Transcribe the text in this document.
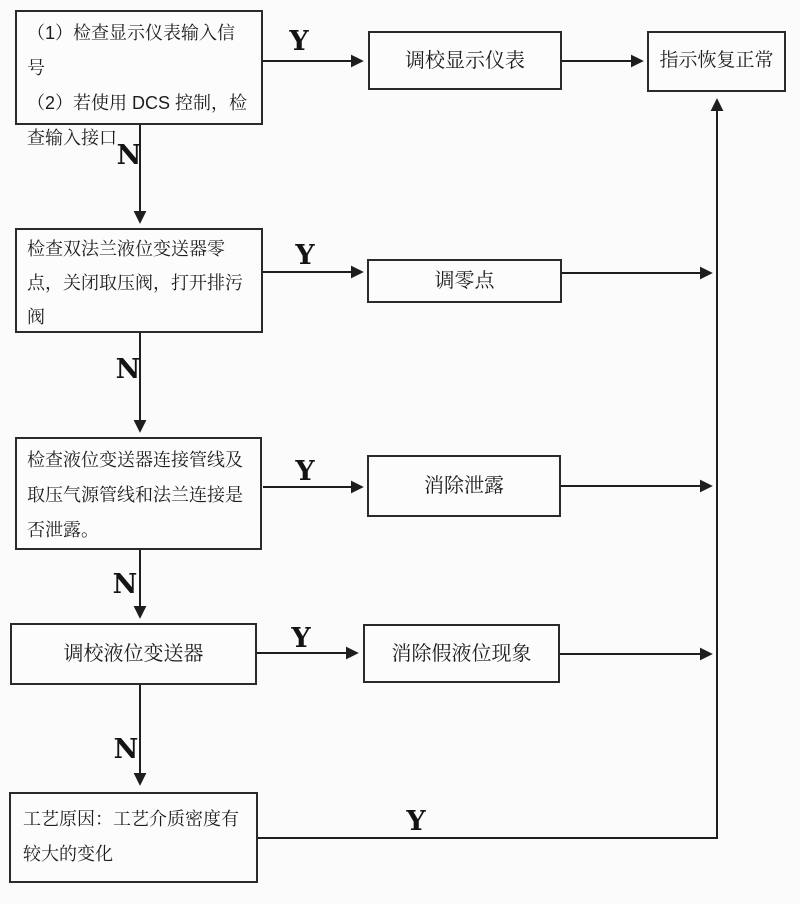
（1）检查显示仪表输入信号
（2）若使用 DCS 控制，检查输入接口
调校显示仪表	指示恢复正常
检查双法兰液位变送器零点，关闭取压阀，打开排污阀
调零点
检查液位变送器连接管线及取压气源管线和法兰连接是否泄露。
消除泄露
调校液位变送器	消除假液位现象
工艺原因：工艺介质密度有较大的变化
Y
N
Y
N
Y
N
Y
N
Y
